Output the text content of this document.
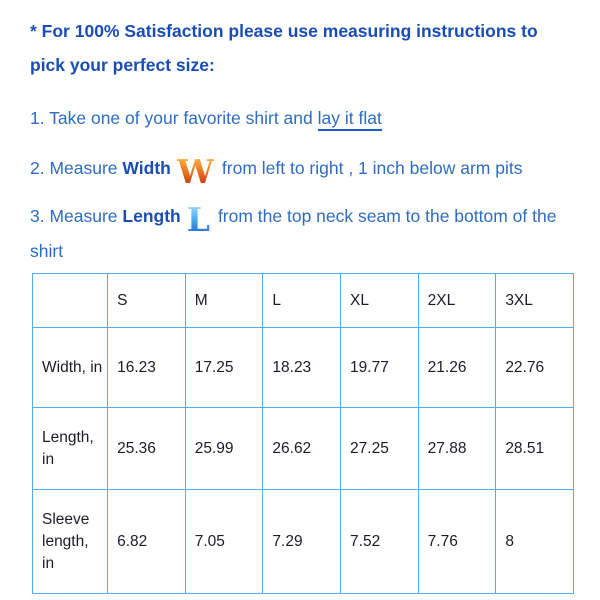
* For 100% Satisfaction please use measuring instructions to pick your perfect size:

1. Take one of your favorite shirt and lay it flat

2. Measure Width W from left to right , 1 inch below arm pits

3. Measure Length L from the top neck seam to the bottom of the shirt

	S	M	L	XL	2XL	3XL
Width, in	16.23	17.25	18.23	19.77	21.26	22.76
Length, in	25.36	25.99	26.62	27.25	27.88	28.51
Sleeve length, in	6.82	7.05	7.29	7.52	7.76	8
